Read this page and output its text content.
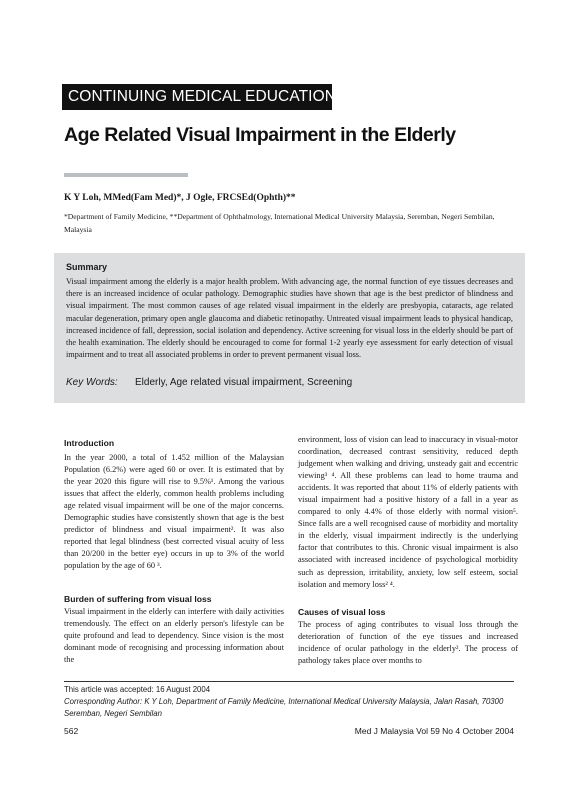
CONTINUING MEDICAL EDUCATION
Age Related Visual Impairment in the Elderly
K Y Loh, MMed(Fam Med)*, J Ogle, FRCSEd(Ophth)**
*Department of Family Medicine, **Department of Ophthalmology, International Medical University Malaysia, Seremban, Negeri Sembilan, Malaysia
Summary
Visual impairment among the elderly is a major health problem. With advancing age, the normal function of eye tissues decreases and there is an increased incidence of ocular pathology. Demographic studies have shown that age is the best predictor of blindness and visual impairment. The most common causes of age related visual impairment in the elderly are presbyopia, cataracts, age related macular degeneration, primary open angle glaucoma and diabetic retinopathy. Untreated visual impairment leads to physical handicap, increased incidence of fall, depression, social isolation and dependency. Active screening for visual loss in the elderly should be part of the health examination. The elderly should be encouraged to come for formal 1-2 yearly eye assessment for early detection of visual impairment and to treat all associated problems in order to prevent permanent visual loss.
Key Words: Elderly, Age related visual impairment, Screening

Introduction

In the year 2000, a total of 1.452 million of the Malaysian Population (6.2%) were aged 60 or over. It is estimated that by the year 2020 this figure will rise to 9.5%¹. Among the various issues that affect the elderly, common health problems including age related visual impairment will be one of the major concerns. Demographic studies have consistently shown that age is the best predictor of blindness and visual impairment². It was also reported that legal blindness (best corrected visual acuity of less than 20/200 in the better eye) occurs in up to 3% of the world population by the age of 60 ³.

Burden of suffering from visual loss

Visual impairment in the elderly can interfere with daily activities tremendously. The effect on an elderly person's lifestyle can be quite profound and lead to dependency. Since vision is the most dominant mode of recognising and processing information about the

environment, loss of vision can lead to inaccuracy in visual-motor coordination, decreased contrast sensitivity, reduced depth judgement when walking and driving, unsteady gait and eccentric viewing³ ⁴. All these problems can lead to home trauma and accidents. It was reported that about 11% of elderly patients with visual impairment had a positive history of a fall in a year as compared to only 4.4% of those elderly with normal vision⁵. Since falls are a well recognised cause of morbidity and mortality in the elderly, visual impairment indirectly is the underlying factor that contributes to this. Chronic visual impairment is also associated with increased incidence of psychological morbidity such as depression, irritability, anxiety, low self esteem, social isolation and memory loss² ⁴.

Causes of visual loss

The process of aging contributes to visual loss through the deterioration of function of the eye tissues and increased incidence of ocular pathology in the elderly². The process of pathology takes place over months to

This article was accepted: 16 August 2004
Corresponding Author: K Y Loh, Department of Family Medicine, International Medical University Malaysia, Jalan Rasah, 70300 Seremban, Negeri Sembilan
562	Med J Malaysia Vol 59 No 4 October 2004
